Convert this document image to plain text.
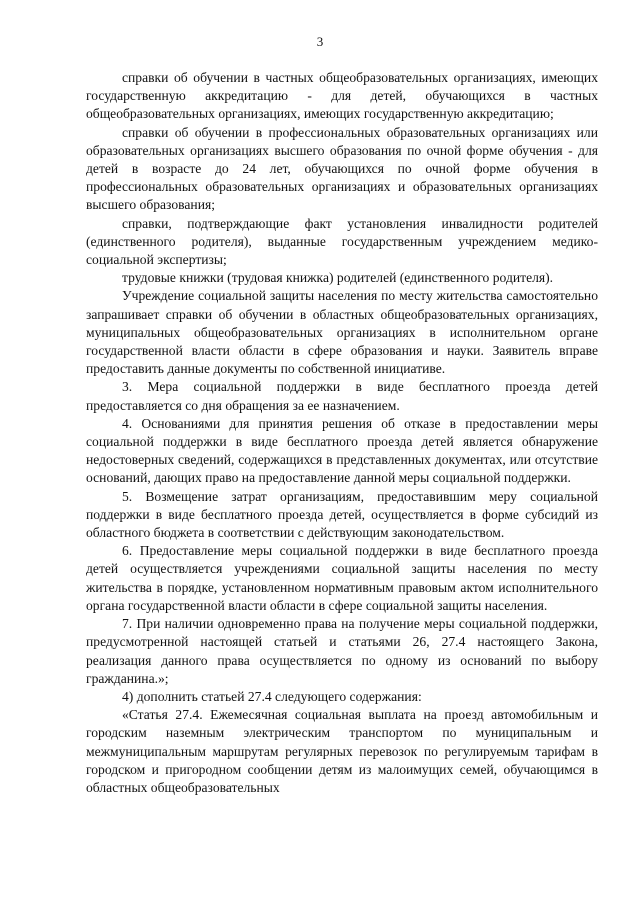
3

справки об обучении в частных общеобразовательных организациях, имеющих государственную аккредитацию - для детей, обучающихся в частных общеобразовательных организациях, имеющих государственную аккредитацию;

справки об обучении в профессиональных образовательных организациях или образовательных организациях высшего образования по очной форме обучения - для детей в возрасте до 24 лет, обучающихся по очной форме обучения в профессиональных образовательных организациях и образовательных организациях высшего образования;

справки, подтверждающие факт установления инвалидности родителей (единственного родителя), выданные государственным учреждением медико-социальной экспертизы;

трудовые книжки (трудовая книжка) родителей (единственного родителя).

Учреждение социальной защиты населения по месту жительства самостоятельно запрашивает справки об обучении в областных общеобразовательных организациях, муниципальных общеобразовательных организациях в исполнительном органе государственной власти области в сфере образования и науки. Заявитель вправе предоставить данные документы по собственной инициативе.

3. Мера социальной поддержки в виде бесплатного проезда детей предоставляется со дня обращения за ее назначением.

4. Основаниями для принятия решения об отказе в предоставлении меры социальной поддержки в виде бесплатного проезда детей является обнаружение недостоверных сведений, содержащихся в представленных документах, или отсутствие оснований, дающих право на предоставление данной меры социальной поддержки.

5. Возмещение затрат организациям, предоставившим меру социальной поддержки в виде бесплатного проезда детей, осуществляется в форме субсидий из областного бюджета в соответствии с действующим законодательством.

6. Предоставление меры социальной поддержки в виде бесплатного проезда детей осуществляется учреждениями социальной защиты населения по месту жительства в порядке, установленном нормативным правовым актом исполнительного органа государственной власти области в сфере социальной защиты населения.

7. При наличии одновременно права на получение меры социальной поддержки, предусмотренной настоящей статьей и статьями 26, 27.4 настоящего Закона, реализация данного права осуществляется по одному из оснований по выбору гражданина.»;

4) дополнить статьей 27.4 следующего содержания:

«Статья 27.4. Ежемесячная социальная выплата на проезд автомобильным и городским наземным электрическим транспортом по муниципальным и межмуниципальным маршрутам регулярных перевозок по регулируемым тарифам в городском и пригородном сообщении детям из малоимущих семей, обучающимся в областных общеобразовательных
